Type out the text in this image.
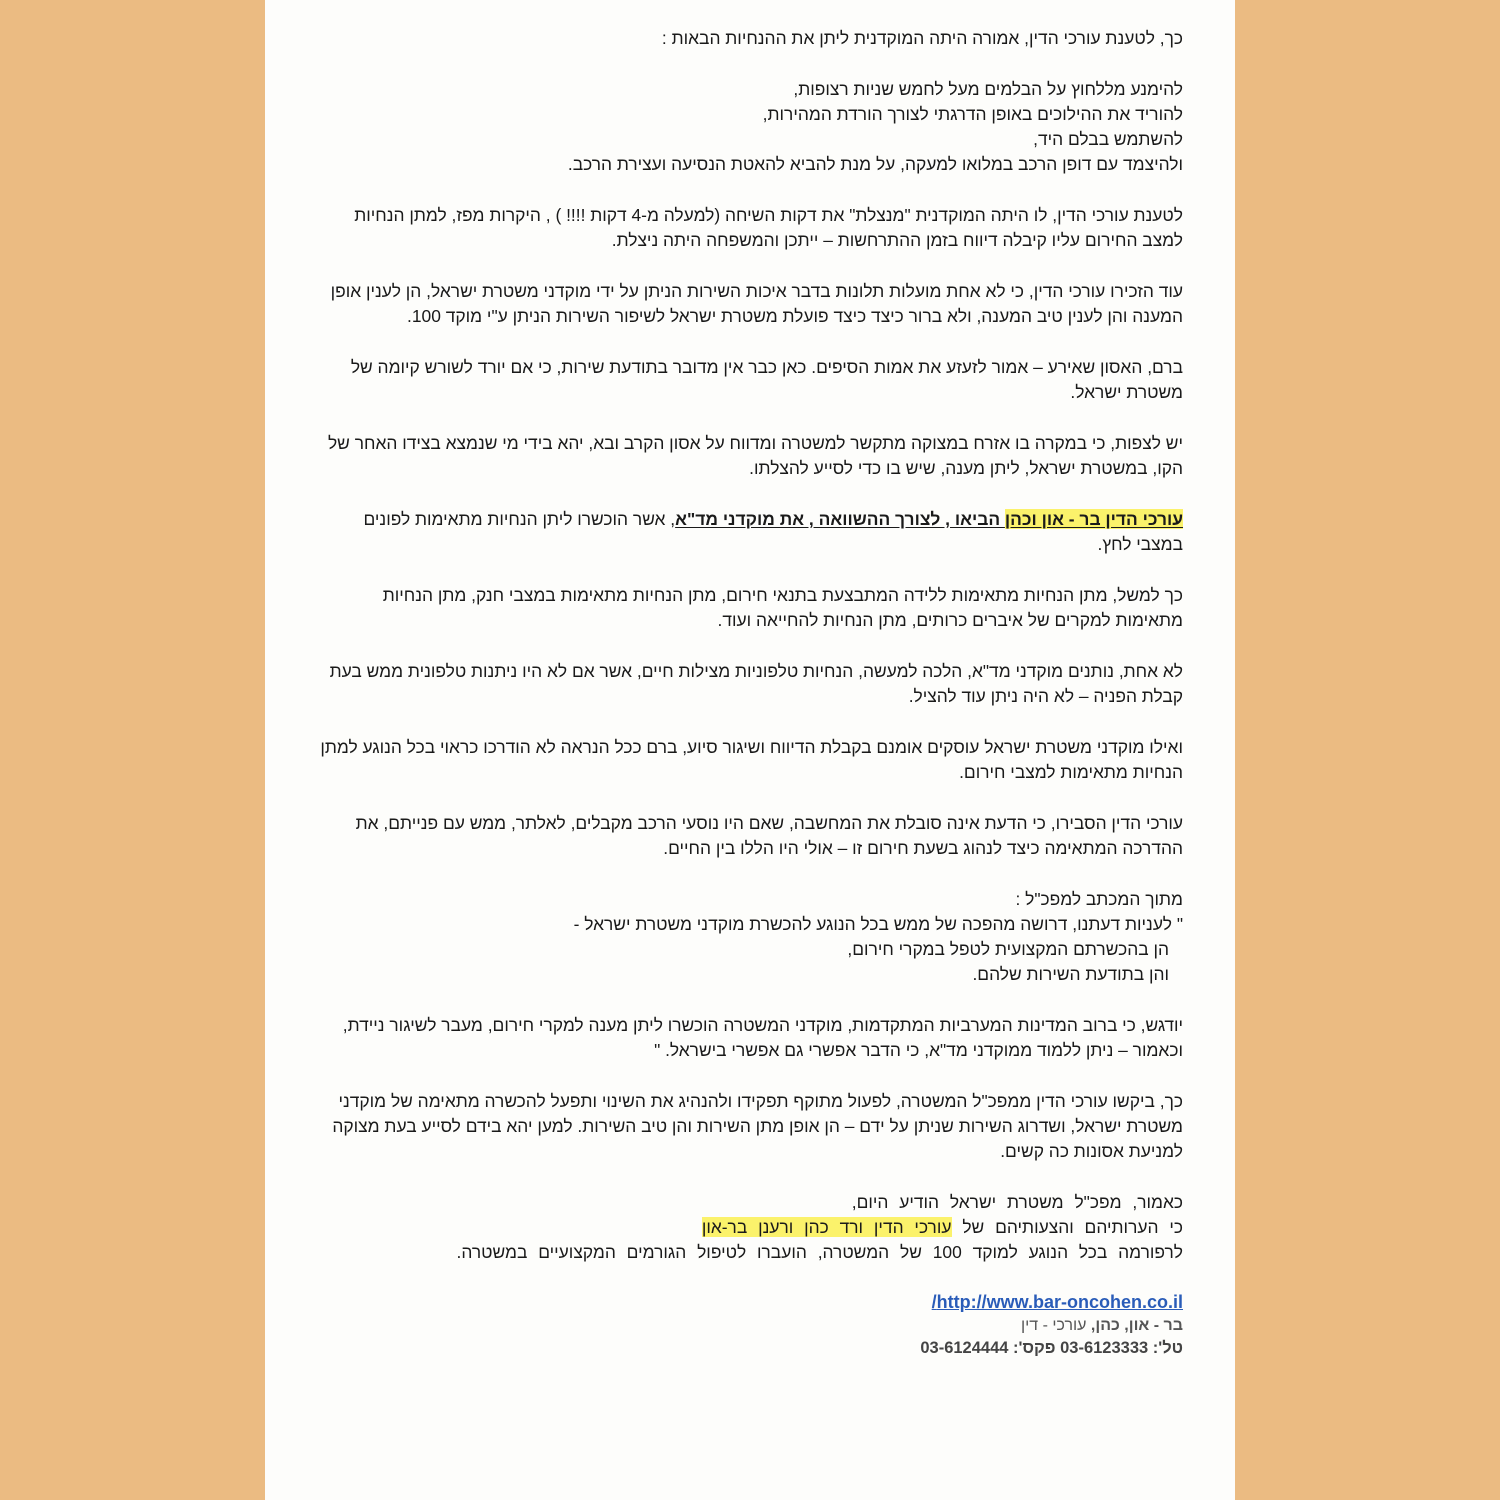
כך, לטענת עורכי הדין, אמורה היתה המוקדנית ליתן את ההנחיות הבאות :

להימנע מללחוץ על הבלמים מעל לחמש שניות רצופות,
להוריד את ההילוכים באופן הדרגתי לצורך הורדת המהירות,
להשתמש בבלם היד,
ולהיצמד עם דופן הרכב במלואו למעקה, על מנת להביא להאטת הנסיעה ועצירת הרכב.

לטענת עורכי הדין, לו היתה המוקדנית "מנצלת" את דקות השיחה (למעלה מ-4 דקות !!!! ) , היקרות מפז, למתן הנחיות למצב החירום עליו קיבלה דיווח בזמן ההתרחשות – ייתכן והמשפחה היתה ניצלת.

עוד הזכירו עורכי הדין, כי לא אחת מועלות תלונות בדבר איכות השירות הניתן על ידי מוקדני משטרת ישראל, הן לענין אופן המענה והן לענין טיב המענה, ולא ברור כיצד כיצד פועלת משטרת ישראל לשיפור השירות הניתן ע"י מוקד 100.

ברם, האסון שאירע – אמור לזעזע את אמות הסיפים. כאן כבר אין מדובר בתודעת שירות, כי אם יורד לשורש קיומה של משטרת ישראל.

יש לצפות, כי במקרה בו אזרח במצוקה מתקשר למשטרה ומדווח על אסון הקרב ובא, יהא בידי מי שנמצא בצידו האחר של הקו, במשטרת ישראל, ליתן מענה, שיש בו כדי לסייע להצלתו.

עורכי הדין בר - און וכהן הביאו , לצורך ההשוואה , את מוקדני מד"א, אשר הוכשרו ליתן הנחיות מתאימות לפונים במצבי לחץ.

כך למשל, מתן הנחיות מתאימות ללידה המתבצעת בתנאי חירום, מתן הנחיות מתאימות במצבי חנק, מתן הנחיות מתאימות למקרים של איברים כרותים, מתן הנחיות להחייאה ועוד.

לא אחת, נותנים מוקדני מד"א, הלכה למעשה, הנחיות טלפוניות מצילות חיים, אשר אם לא היו ניתנות טלפונית ממש בעת קבלת הפניה – לא היה ניתן עוד להציל.

ואילו מוקדני משטרת ישראל עוסקים אומנם בקבלת הדיווח ושיגור סיוע, ברם ככל הנראה לא הודרכו כראוי בכל הנוגע למתן הנחיות מתאימות למצבי חירום.

עורכי הדין הסבירו, כי הדעת אינה סובלת את המחשבה, שאם היו נוסעי הרכב מקבלים, לאלתר, ממש עם פנייתם, את ההדרכה המתאימה כיצד לנהוג בשעת חירום זו – אולי היו הללו בין החיים.

מתוך המכתב למפכ"ל :
" לעניות דעתנו, דרושה מהפכה של ממש בכל הנוגע להכשרת מוקדני משטרת ישראל -
הן בהכשרתם המקצועית לטפל במקרי חירום,
והן בתודעת השירות שלהם.

יודגש, כי ברוב המדינות המערביות המתקדמות, מוקדני המשטרה הוכשרו ליתן מענה למקרי חירום, מעבר לשיגור ניידת,
וכאמור – ניתן ללמוד ממוקדני מד"א, כי הדבר אפשרי גם אפשרי בישראל. "

כך, ביקשו עורכי הדין ממפכ"ל המשטרה, לפעול מתוקף תפקידו ולהנהיג את השינוי ותפעל להכשרה מתאימה של מוקדני משטרת ישראל, ושדרוג השירות שניתן על ידם – הן אופן מתן השירות והן טיב השירות. למען יהא בידם לסייע בעת מצוקה למניעת אסונות כה קשים.

כאמור, מפכ"ל משטרת ישראל הודיע היום,
כי הערותיהם והצעותיהם של עורכי הדין ורד כהן ורענן בר-און
לרפורמה בכל הנוגע למוקד 100 של המשטרה, הועברו לטיפול הגורמים המקצועיים במשטרה.

http://www.bar-oncohen.co.il/
בר - און, כהן, עורכי - דין
טל': 03-6123333 פקס': 03-6124444
